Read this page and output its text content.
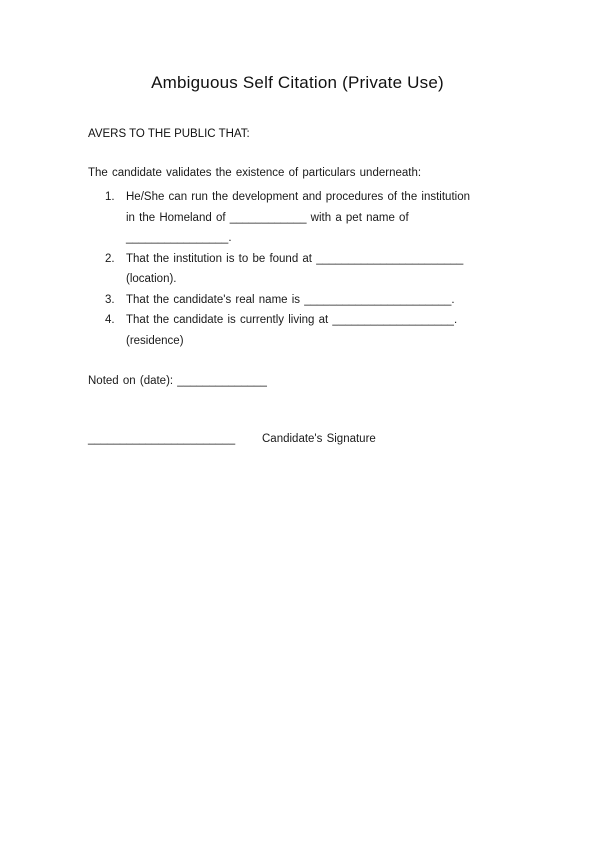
Ambiguous Self Citation (Private Use)
AVERS TO THE PUBLIC THAT:
The candidate validates the existence of particulars underneath:
1. He/She can run the development and procedures of the institution
in the Homeland of ____________ with a pet name of
________________.
2. That the institution is to be found at _______________________
(location).
3. That the candidate's real name is _______________________.
4. That the candidate is currently living at ___________________.
(residence)
Noted on (date): ______________
_______________________ Candidate's Signature
